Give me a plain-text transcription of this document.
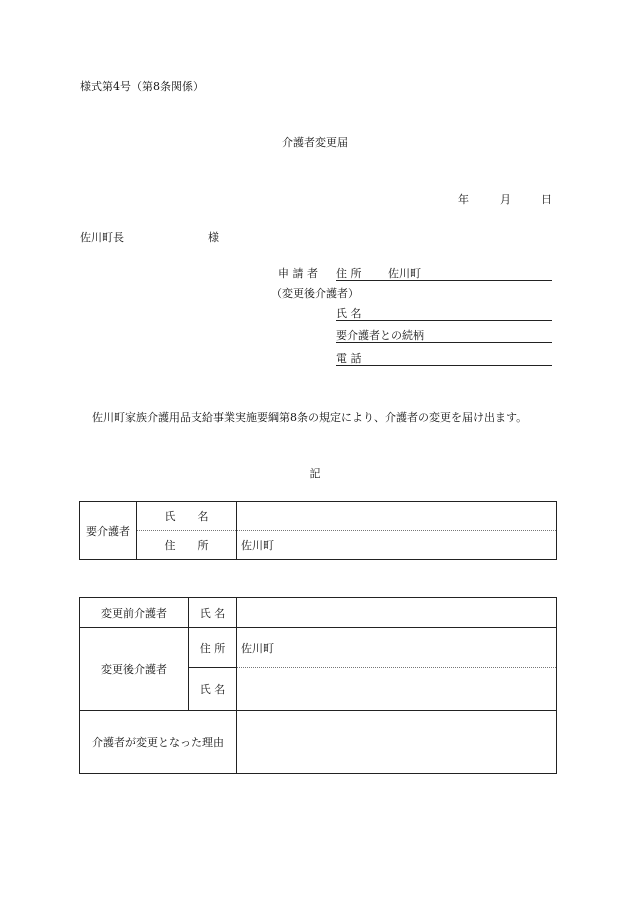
様式第4号（第8条関係）
介護者変更届
年	月	日
佐川町長	様
申 請 者 住 所 佐川町
（変更後介護者）
氏 名
要介護者との続柄
電 話
佐川町家族介護用品支給事業実施要綱第8条の規定により、介護者の変更を届け出ます。
記
要介護者	氏　　名	
	住　　所	佐川町
変更前介護者	氏 名	
変更後介護者	住 所	佐川町
	氏 名	
介護者が変更となった理由		
